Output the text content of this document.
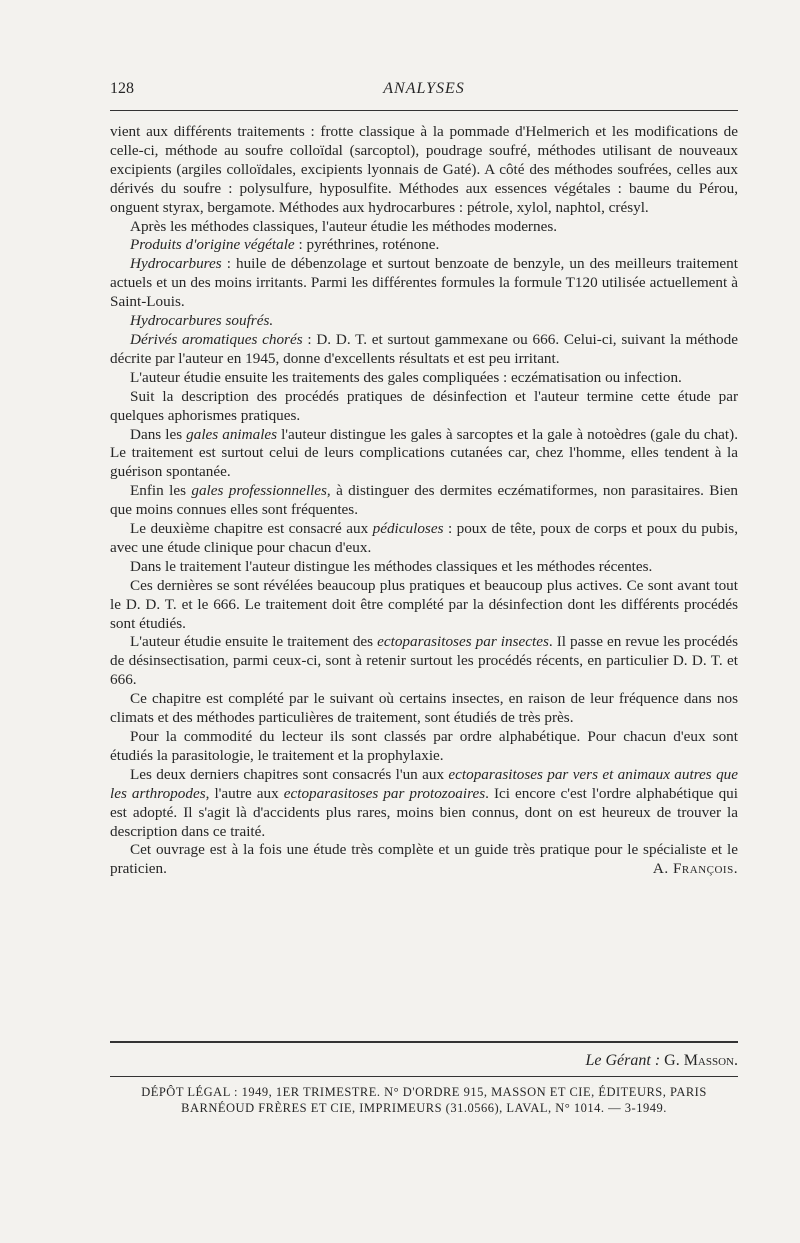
128	ANALYSES

vient aux différents traitements : frotte classique à la pommade d'Helmerich et les modifications de celle-ci, méthode au soufre colloïdal (sarcoptol), poudrage soufré, méthodes utilisant de nouveaux excipients (argiles colloïdales, excipients lyonnais de Gaté). A côté des méthodes soufrées, celles aux dérivés du soufre : polysulfure, hyposulfite. Méthodes aux essences végétales : baume du Pérou, onguent styrax, bergamote. Méthodes aux hydrocarbures : pétrole, xylol, naphtol, crésyl.

Après les méthodes classiques, l'auteur étudie les méthodes modernes.

Produits d'origine végétale : pyréthrines, roténone.

Hydrocarbures : huile de débenzolage et surtout benzoate de benzyle, un des meilleurs traitement actuels et un des moins irritants. Parmi les différentes formules la formule T120 utilisée actuellement à Saint-Louis.

Hydrocarbures soufrés.

Dérivés aromatiques chorés : D. D. T. et surtout gammexane ou 666. Celui-ci, suivant la méthode décrite par l'auteur en 1945, donne d'excellents résultats et est peu irritant.

L'auteur étudie ensuite les traitements des gales compliquées : eczématisation ou infection.

Suit la description des procédés pratiques de désinfection et l'auteur termine cette étude par quelques aphorismes pratiques.

Dans les gales animales l'auteur distingue les gales à sarcoptes et la gale à notoèdres (gale du chat). Le traitement est surtout celui de leurs complications cutanées car, chez l'homme, elles tendent à la guérison spontanée.

Enfin les gales professionnelles, à distinguer des dermites eczématiformes, non parasitaires. Bien que moins connues elles sont fréquentes.

Le deuxième chapitre est consacré aux pédiculoses : poux de tête, poux de corps et poux du pubis, avec une étude clinique pour chacun d'eux.

Dans le traitement l'auteur distingue les méthodes classiques et les méthodes récentes.

Ces dernières se sont révélées beaucoup plus pratiques et beaucoup plus actives. Ce sont avant tout le D. D. T. et le 666. Le traitement doit être complété par la désinfection dont les différents procédés sont étudiés.

L'auteur étudie ensuite le traitement des ectoparasitoses par insectes. Il passe en revue les procédés de désinsectisation, parmi ceux-ci, sont à retenir surtout les procédés récents, en particulier D. D. T. et 666.

Ce chapitre est complété par le suivant où certains insectes, en raison de leur fréquence dans nos climats et des méthodes particulières de traitement, sont étudiés de très près.

Pour la commodité du lecteur ils sont classés par ordre alphabétique. Pour chacun d'eux sont étudiés la parasitologie, le traitement et la prophylaxie.

Les deux derniers chapitres sont consacrés l'un aux ectoparasitoses par vers et animaux autres que les arthropodes, l'autre aux ectoparasitoses par protozoaires. Ici encore c'est l'ordre alphabétique qui est adopté. Il s'agit là d'accidents plus rares, moins bien connus, dont on est heureux de trouver la description dans ce traité.

Cet ouvrage est à la fois une étude très complète et un guide très pratique pour le spécialiste et le praticien.	A. François.

Le Gérant : G. Masson.
DÉPÔT LÉGAL : 1949, 1ER TRIMESTRE. N° D'ORDRE 915, MASSON ET CIE, ÉDITEURS, PARIS
BARNÉOUD FRÈRES ET CIE, IMPRIMEURS (31.0566), LAVAL, N° 1014. — 3-1949.
